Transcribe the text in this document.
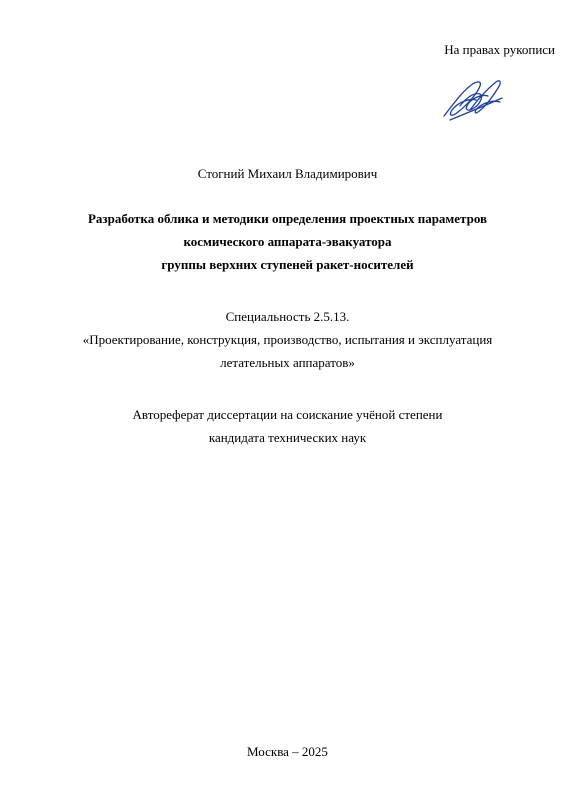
На правах рукописи
Стогний Михаил Владимирович
Разработка облика и методики определения проектных параметров
космического аппарата-эвакуатора
группы верхних ступеней ракет-носителей
Специальность 2.5.13.
«Проектирование, конструкция, производство, испытания и эксплуатация
летательных аппаратов»
Автореферат диссертации на соискание учёной степени
кандидата технических наук
Москва – 2025
